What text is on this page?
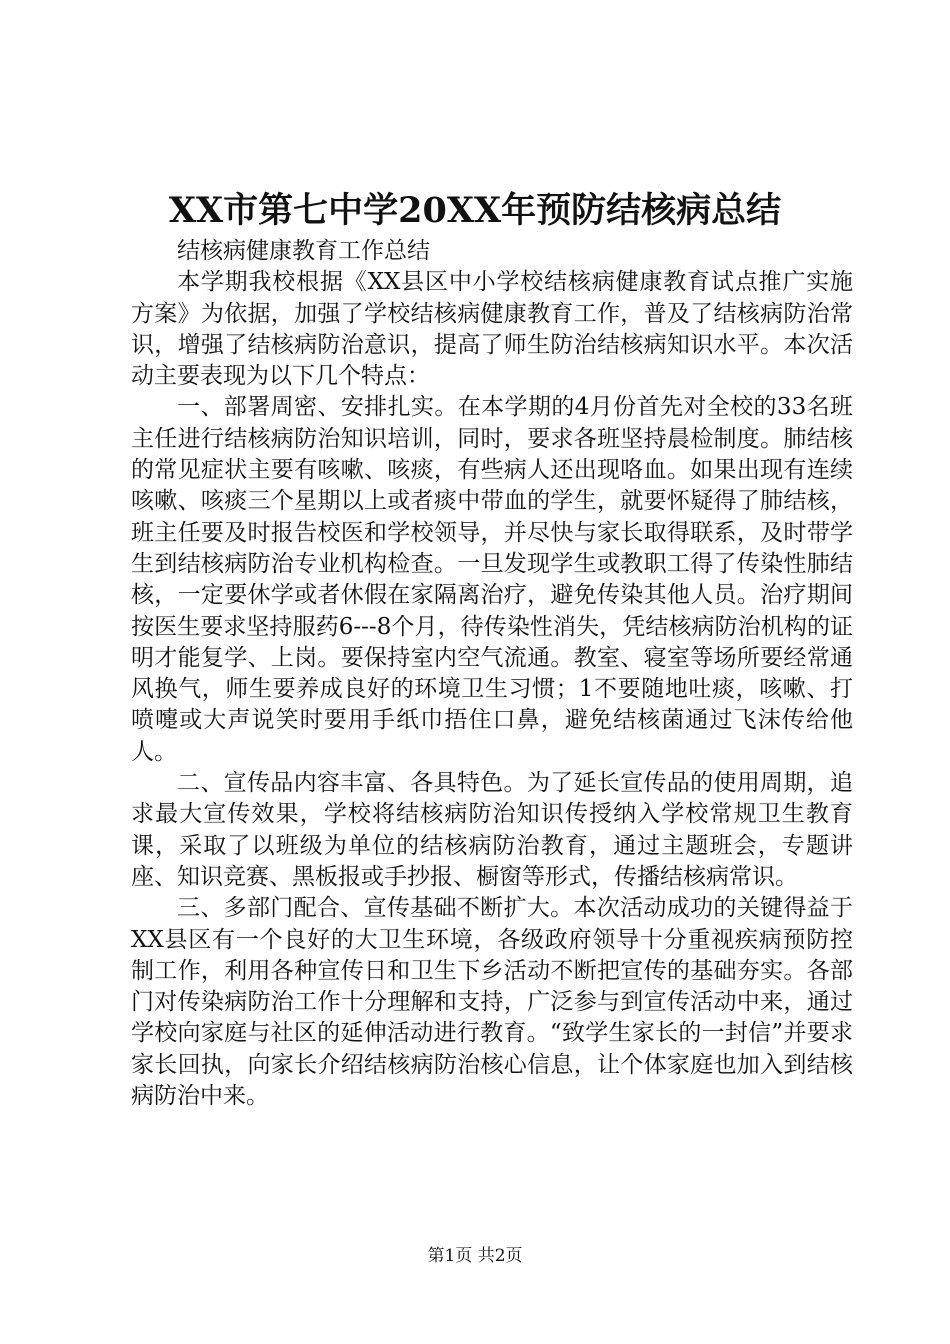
XX市第七中学20XX年预防结核病总结

结核病健康教育工作总结

本学期我校根据《XX县区中小学校结核病健康教育试点推广实施方案》为依据，加强了学校结核病健康教育工作，普及了结核病防治常识，增强了结核病防治意识，提高了师生防治结核病知识水平。本次活动主要表现为以下几个特点：

一、部署周密、安排扎实。在本学期的4月份首先对全校的33名班主任进行结核病防治知识培训，同时，要求各班坚持晨检制度。肺结核的常见症状主要有咳嗽、咳痰，有些病人还出现咯血。如果出现有连续咳嗽、咳痰三个星期以上或者痰中带血的学生，就要怀疑得了肺结核，班主任要及时报告校医和学校领导，并尽快与家长取得联系，及时带学生到结核病防治专业机构检查。一旦发现学生或教职工得了传染性肺结核，一定要休学或者休假在家隔离治疗，避免传染其他人员。治疗期间按医生要求坚持服药6---8个月，待传染性消失，凭结核病防治机构的证明才能复学、上岗。要保持室内空气流通。教室、寝室等场所要经常通风换气，师生要养成良好的环境卫生习惯；1不要随地吐痰，咳嗽、打喷嚏或大声说笑时要用手纸巾捂住口鼻，避免结核菌通过飞沫传给他人。

二、宣传品内容丰富、各具特色。为了延长宣传品的使用周期，追求最大宣传效果，学校将结核病防治知识传授纳入学校常规卫生教育课，采取了以班级为单位的结核病防治教育，通过主题班会，专题讲座、知识竞赛、黑板报或手抄报、橱窗等形式，传播结核病常识。

三、多部门配合、宣传基础不断扩大。本次活动成功的关键得益于XX县区有一个良好的大卫生环境，各级政府领导十分重视疾病预防控制工作，利用各种宣传日和卫生下乡活动不断把宣传的基础夯实。各部门对传染病防治工作十分理解和支持，广泛参与到宣传活动中来，通过学校向家庭与社区的延伸活动进行教育。“致学生家长的一封信”并要求家长回执，向家长介绍结核病防治核心信息，让个体家庭也加入到结核病防治中来。

第1页 共2页
